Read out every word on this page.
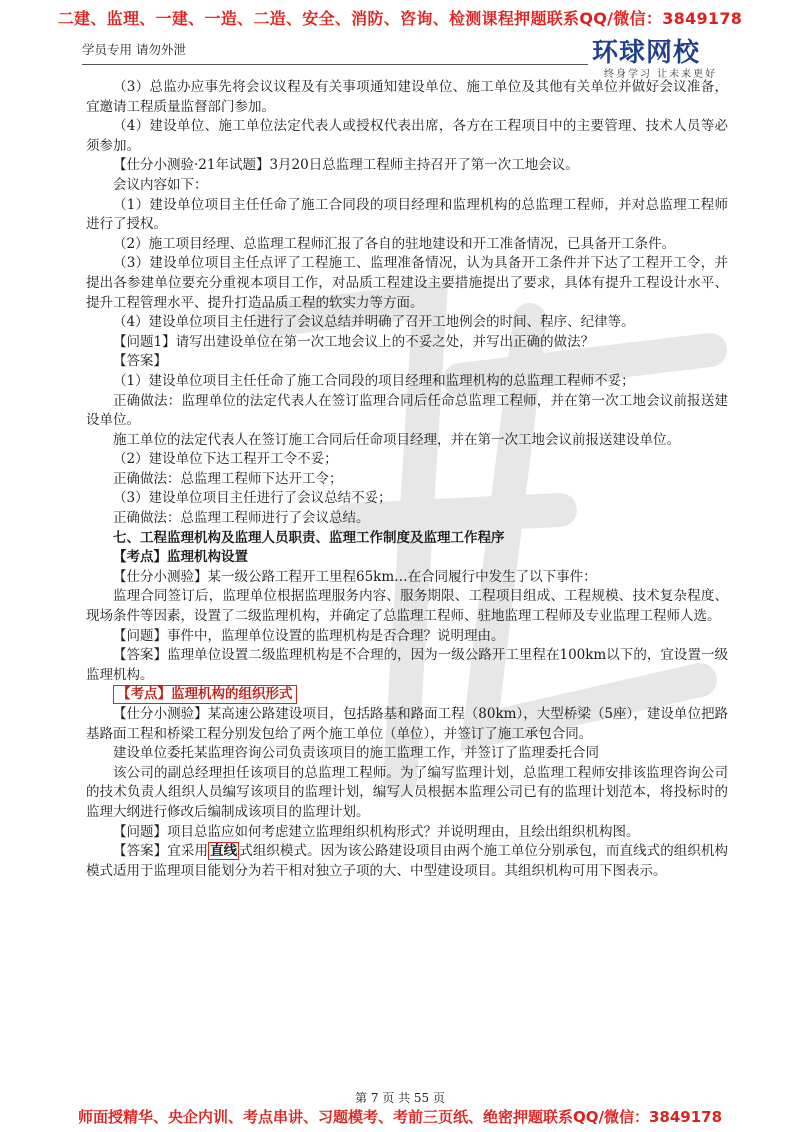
二建、监理、一建、一造、二造、安全、消防、咨询、检测课程押题联系QQ/微信：3849178
学员专用 请勿外泄	环球网校
终身学习 让未来更好

（3）总监办应事先将会议议程及有关事项通知建设单位、施工单位及其他有关单位并做好会议准备，宜邀请工程质量监督部门参加。

（4）建设单位、施工单位法定代表人或授权代表出席，各方在工程项目中的主要管理、技术人员等必须参加。

【仕分小测验·21年试题】3月20日总监理工程师主持召开了第一次工地会议。

会议内容如下：

（1）建设单位项目主任任命了施工合同段的项目经理和监理机构的总监理工程师，并对总监理工程师进行了授权。

（2）施工项目经理、总监理工程师汇报了各自的驻地建设和开工准备情况，已具备开工条件。

（3）建设单位项目主任点评了工程施工、监理准备情况，认为具备开工条件并下达了工程开工令，并提出各参建单位要充分重视本项目工作，对品质工程建设主要措施提出了要求，具体有提升工程设计水平、提升工程管理水平、提升打造品质工程的软实力等方面。

（4）建设单位项目主任进行了会议总结并明确了召开工地例会的时间、程序、纪律等。

【问题1】请写出建设单位在第一次工地会议上的不妥之处，并写出正确的做法？

【答案】

（1）建设单位项目主任任命了施工合同段的项目经理和监理机构的总监理工程师不妥；

正确做法：监理单位的法定代表人在签订监理合同后任命总监理工程师，并在第一次工地会议前报送建设单位。

施工单位的法定代表人在签订施工合同后任命项目经理，并在第一次工地会议前报送建设单位。

（2）建设单位下达工程开工令不妥；

正确做法：总监理工程师下达开工令；

（3）建设单位项目主任进行了会议总结不妥；

正确做法：总监理工程师进行了会议总结。

七、工程监理机构及监理人员职责、监理工作制度及监理工作程序

【考点】监理机构设置

【仕分小测验】某一级公路工程开工里程65km…在合同履行中发生了以下事件：

监理合同签订后，监理单位根据监理服务内容、服务期限、工程项目组成、工程规模、技术复杂程度、现场条件等因素，设置了二级监理机构，并确定了总监理工程师、驻地监理工程师及专业监理工程师人选。

【问题】事件中，监理单位设置的监理机构是否合理？说明理由。

【答案】监理单位设置二级监理机构是不合理的，因为一级公路开工里程在100km以下的，宜设置一级监理机构。

【考点】监理机构的组织形式

【仕分小测验】某高速公路建设项目，包括路基和路面工程（80km），大型桥梁（5座），建设单位把路基路面工程和桥梁工程分别发包给了两个施工单位（单位），并签订了施工承包合同。

建设单位委托某监理咨询公司负责该项目的施工监理工作，并签订了监理委托合同

该公司的副总经理担任该项目的总监理工程师。为了编写监理计划，总监理工程师安排该监理咨询公司的技术负责人组织人员编写该项目的监理计划，编写人员根据本监理公司已有的监理计划范本，将投标时的监理大纲进行修改后编制成该项目的监理计划。

【问题】项目总监应如何考虑建立监理组织机构形式？并说明理由，且绘出组织机构图。

【答案】宜采用 直线 式组织模式。因为该公路建设项目由两个施工单位分别承包，而直线式的组织机构模式适用于监理项目能划分为若干相对独立子项的大、中型建设项目。其组织机构可用下图表示。

第 7 页 共 55 页
师面授精华、央企内训、考点串讲、习题模考、考前三页纸、绝密押题联系QQ/微信：3849178
